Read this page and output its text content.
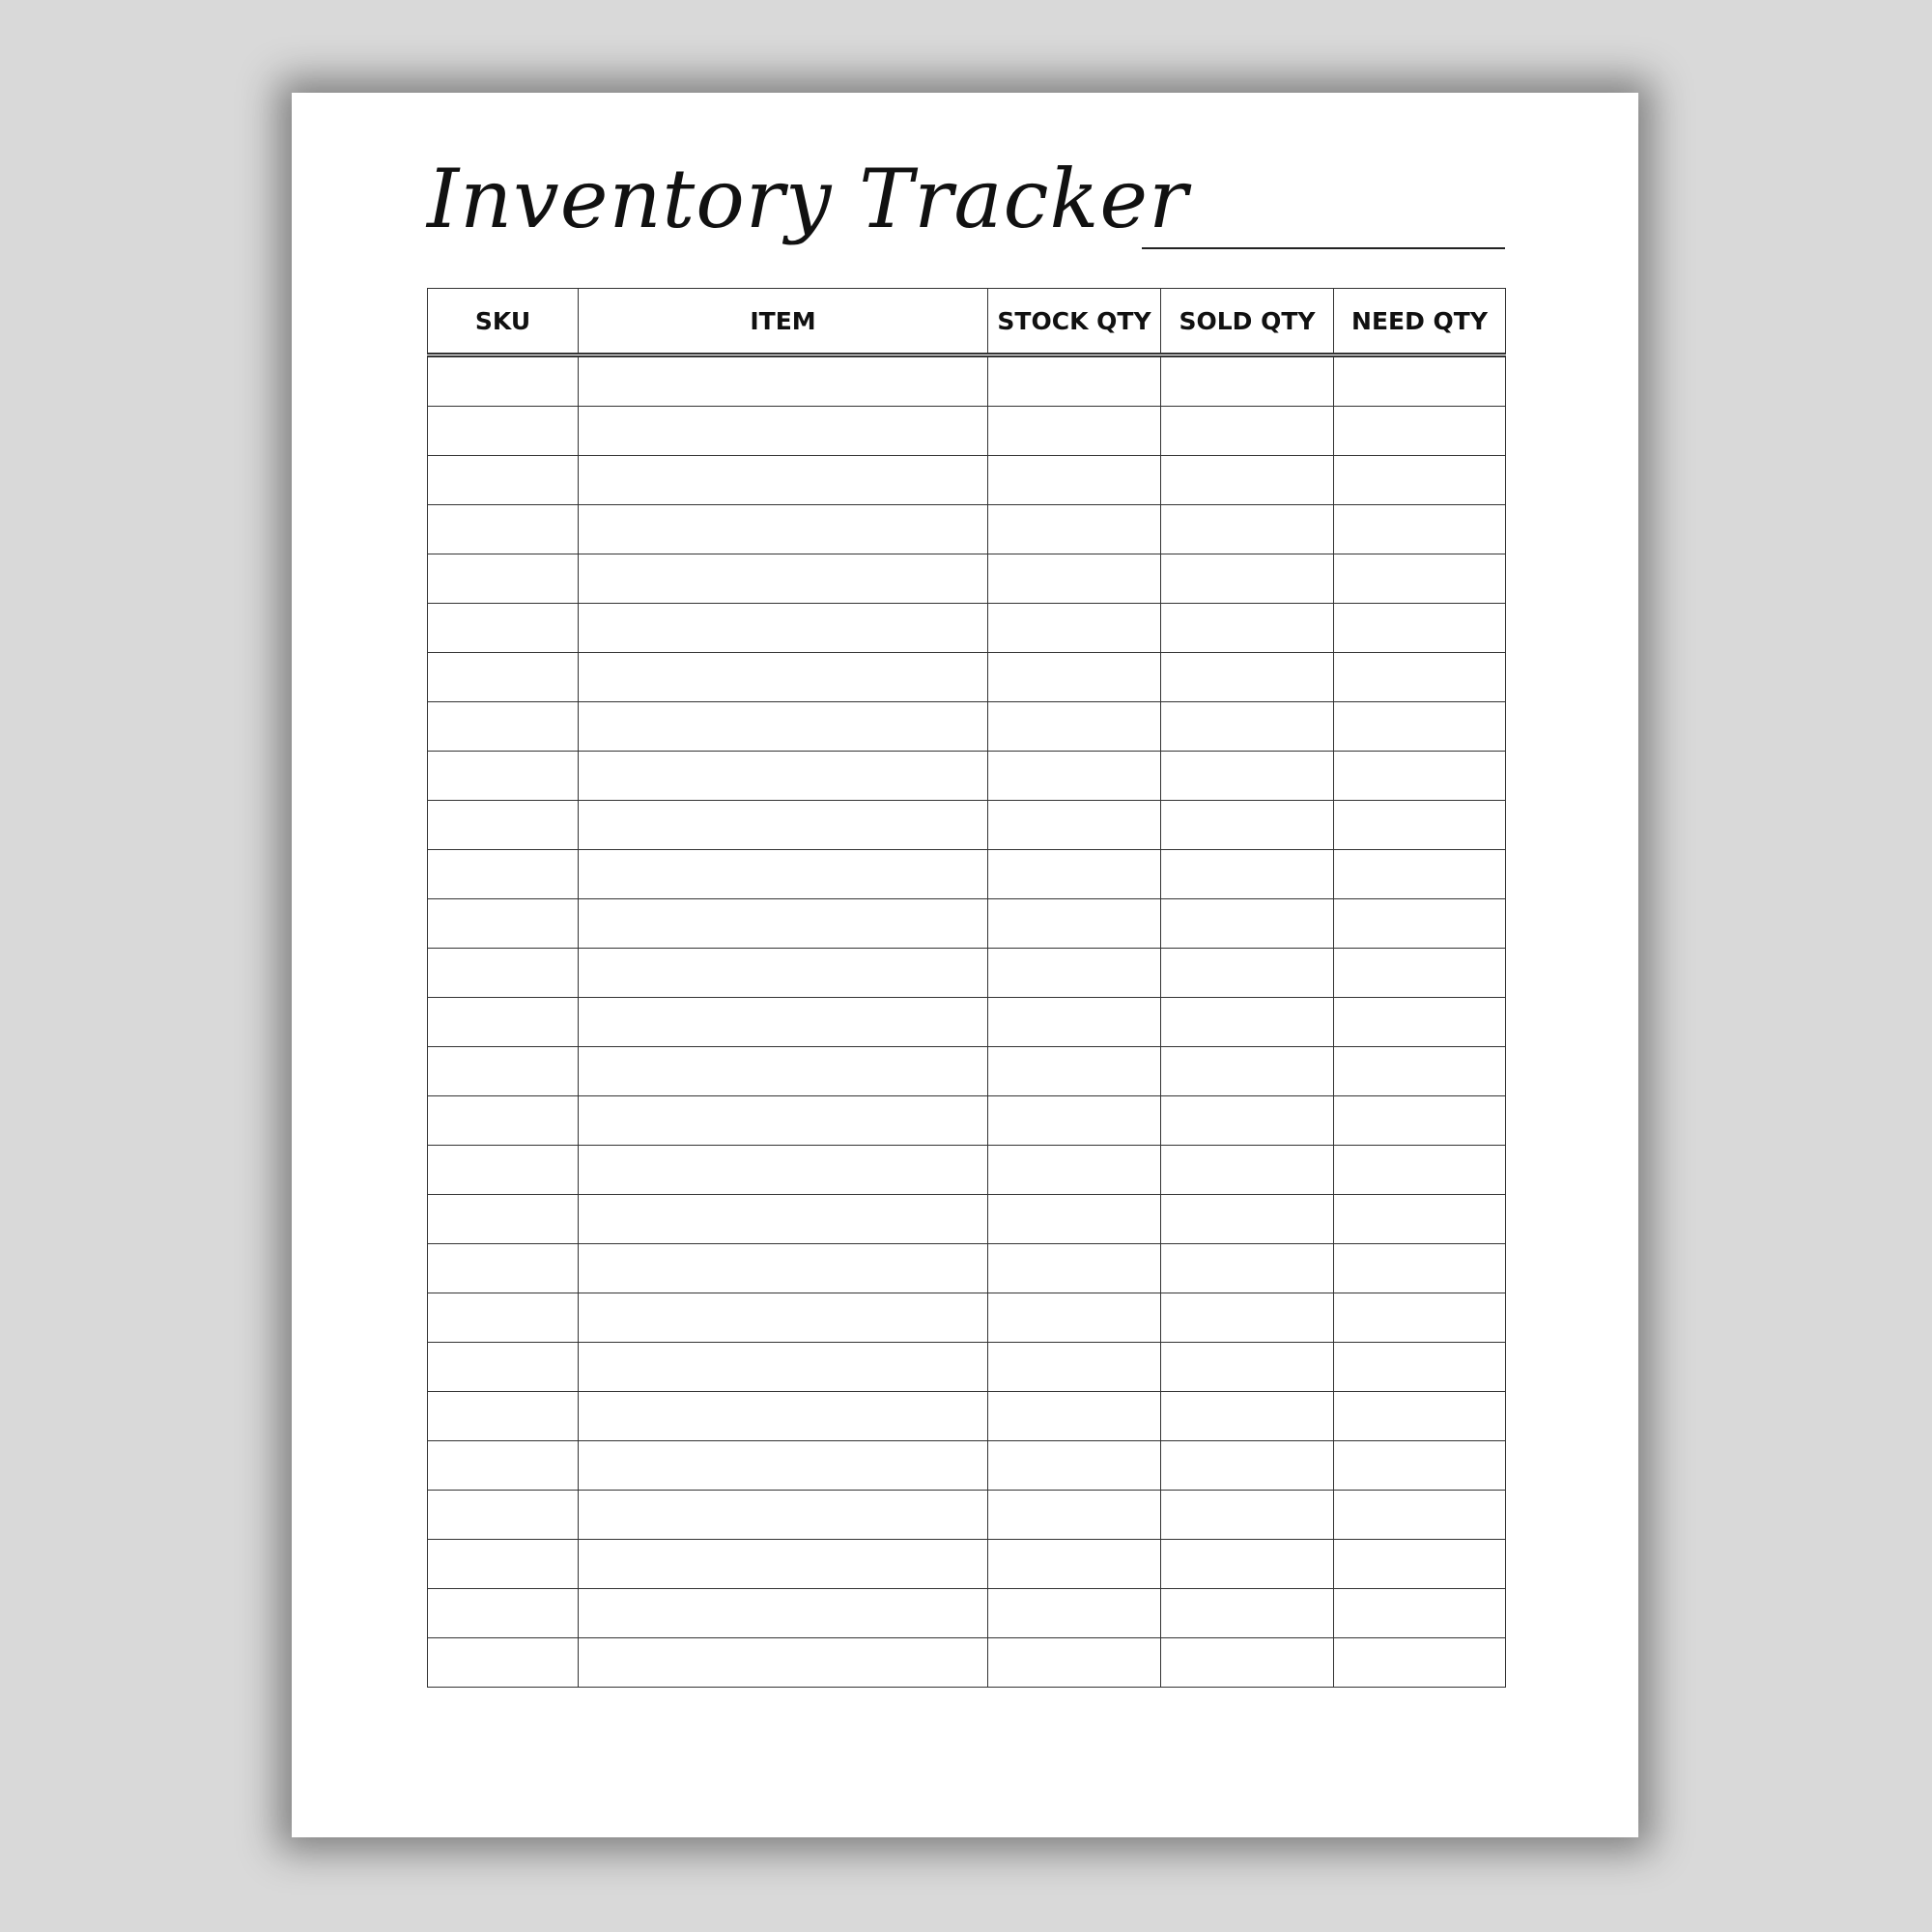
Inventory Tracker
SKU	ITEM	STOCK QTY	SOLD QTY	NEED QTY
